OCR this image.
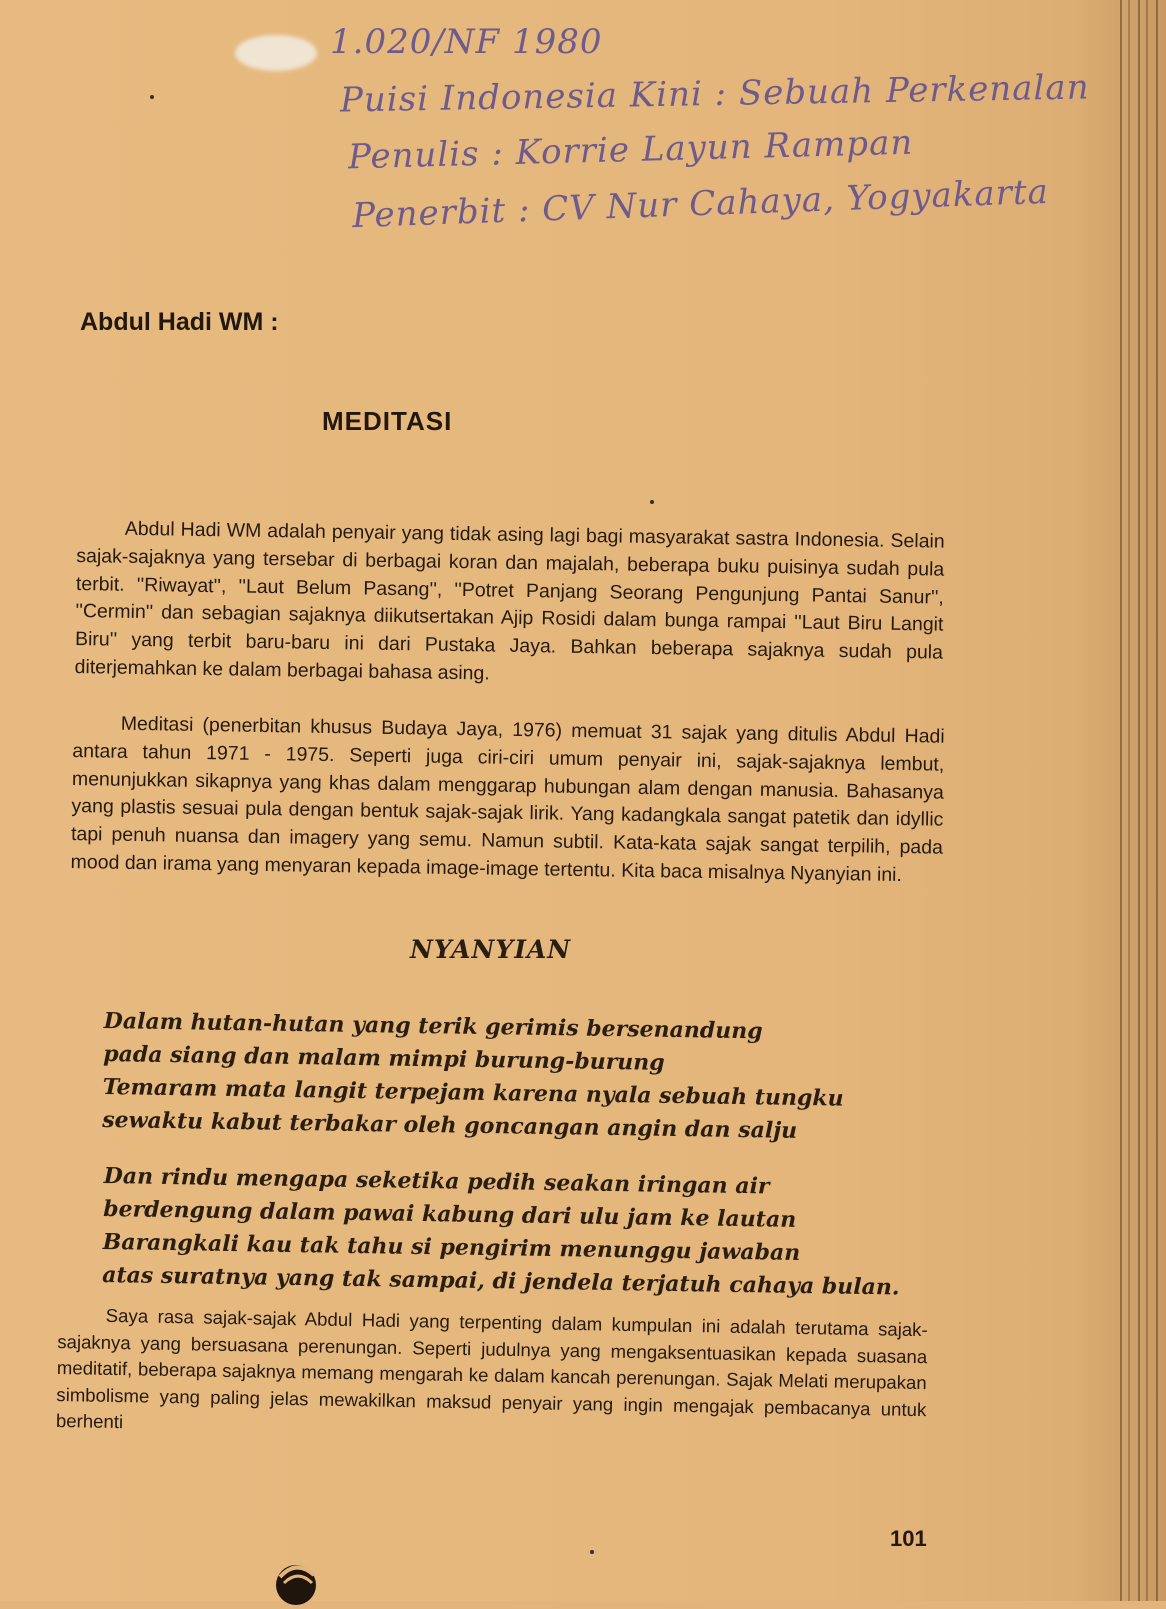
1.020/NF 1980
Puisi Indonesia Kini : Sebuah Perkenalan
Penulis : Korrie Layun Rampan
Penerbit : CV Nur Cahaya, Yogyakarta
Abdul Hadi WM :
MEDITASI

Abdul Hadi WM adalah penyair yang tidak asing lagi bagi masyarakat sastra Indonesia. Selain sajak-sajaknya yang tersebar di berbagai koran dan majalah, beberapa buku puisinya sudah pula terbit. ''Riwayat'', ''Laut Belum Pasang'', ''Potret Panjang Seorang Pengunjung Pantai Sanur'', ''Cermin'' dan sebagian sajaknya diikutsertakan Ajip Rosidi dalam bunga rampai ''Laut Biru Langit Biru'' yang terbit baru-baru ini dari Pustaka Jaya. Bahkan beberapa sajaknya sudah pula diterjemahkan ke dalam berbagai bahasa asing.

Meditasi (penerbitan khusus Budaya Jaya, 1976) memuat 31 sajak yang ditulis Abdul Hadi antara tahun 1971 - 1975. Seperti juga ciri-ciri umum penyair ini, sajak-sajaknya lembut, menunjukkan sikapnya yang khas dalam menggarap hubungan alam dengan manusia. Bahasanya yang plastis sesuai pula dengan bentuk sajak-sajak lirik. Yang kadangkala sangat patetik dan idyllic tapi penuh nuansa dan imagery yang semu. Namun subtil. Kata-kata sajak sangat terpilih, pada mood dan irama yang menyaran kepada image-image tertentu. Kita baca misalnya Nyanyian ini.

NYANYIAN
Dalam hutan-hutan yang terik gerimis bersenandung
pada siang dan malam mimpi burung-burung
Temaram mata langit terpejam karena nyala sebuah tungku
sewaktu kabut terbakar oleh goncangan angin dan salju
Dan rindu mengapa seketika pedih seakan iringan air
berdengung dalam pawai kabung dari ulu jam ke lautan
Barangkali kau tak tahu si pengirim menunggu jawaban
atas suratnya yang tak sampai, di jendela terjatuh cahaya bulan.

Saya rasa sajak-sajak Abdul Hadi yang terpenting dalam kumpulan ini adalah terutama sajak-sajaknya yang bersuasana perenungan. Seperti judulnya yang mengaksentuasikan kepada suasana meditatif, beberapa sajaknya memang mengarah ke dalam kancah perenungan. Sajak Melati merupakan simbolisme yang paling jelas mewakilkan maksud penyair yang ingin mengajak pembacanya untuk berhenti

101
